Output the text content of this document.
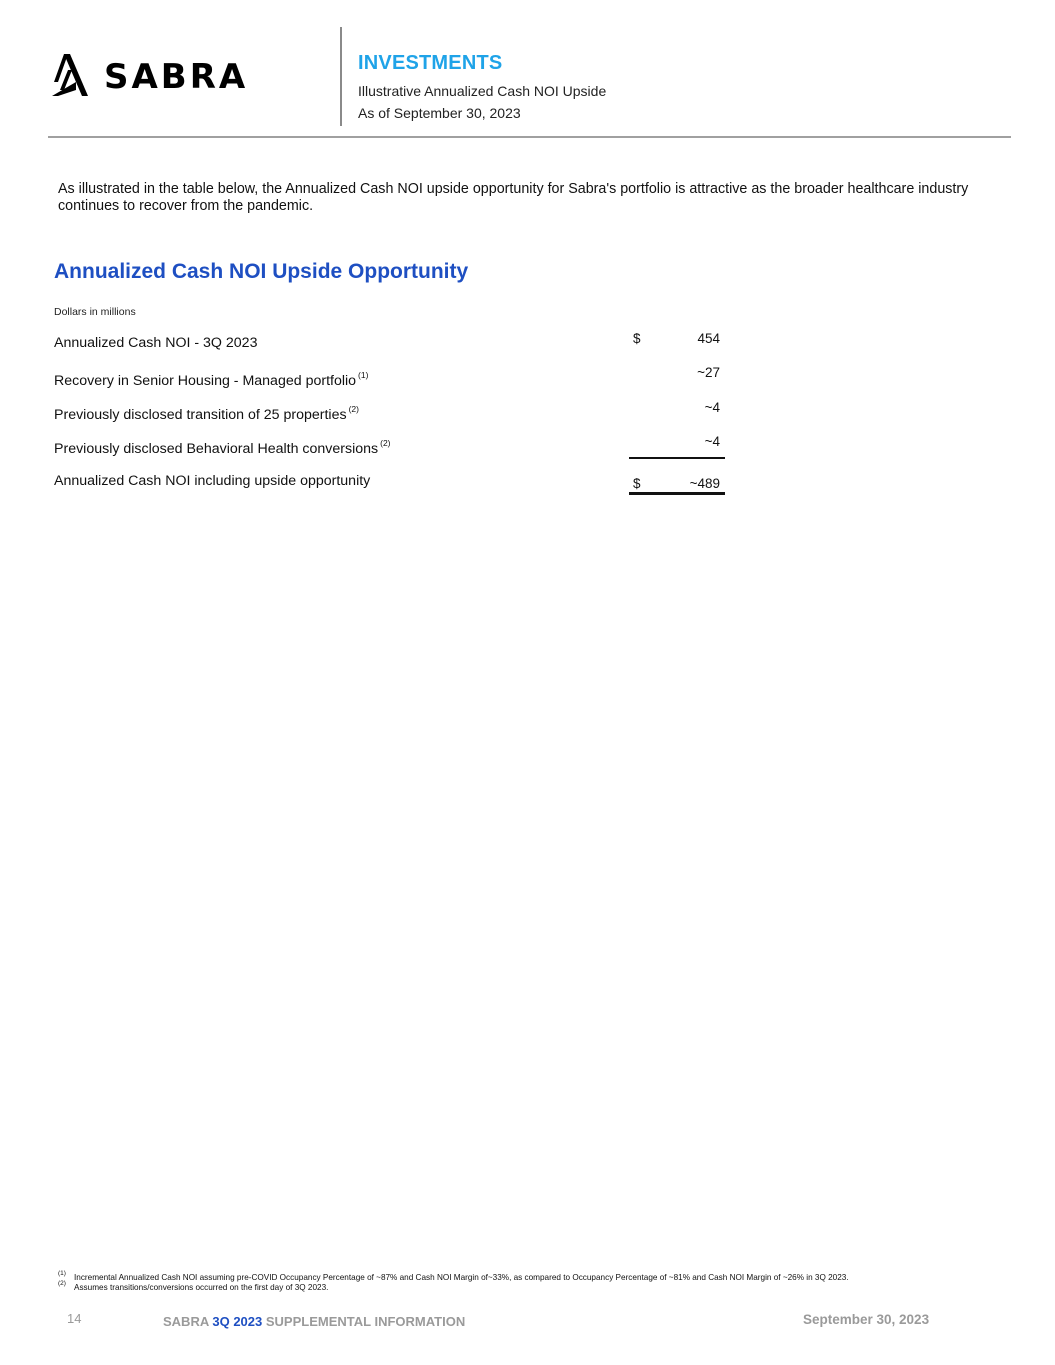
SABRA	INVESTMENTS
Illustrative Annualized Cash NOI Upside
As of September 30, 2023
As illustrated in the table below, the Annualized Cash NOI upside opportunity for Sabra's portfolio is attractive as the broader healthcare industry continues to recover from the pandemic.
Annualized Cash NOI Upside Opportunity
Dollars in millions
Annualized Cash NOI - 3Q 2023	$	454
Recovery in Senior Housing - Managed portfolio $^{(1)}$	~27
Previously disclosed transition of 25 properties $^{(2)}$	~4
Previously disclosed Behavioral Health conversions $^{(2)}$	~4
Annualized Cash NOI including upside opportunity	$	~489
(1) Incremental Annualized Cash NOI assuming pre-COVID Occupancy Percentage of ~87% and Cash NOI Margin of~33%, as compared to Occupancy Percentage of ~81% and Cash NOI Margin of ~26% in 3Q 2023.
(2) Assumes transitions/conversions occurred on the first day of 3Q 2023.
14	SABRA 3Q 2023 SUPPLEMENTAL INFORMATION	September 30, 2023
